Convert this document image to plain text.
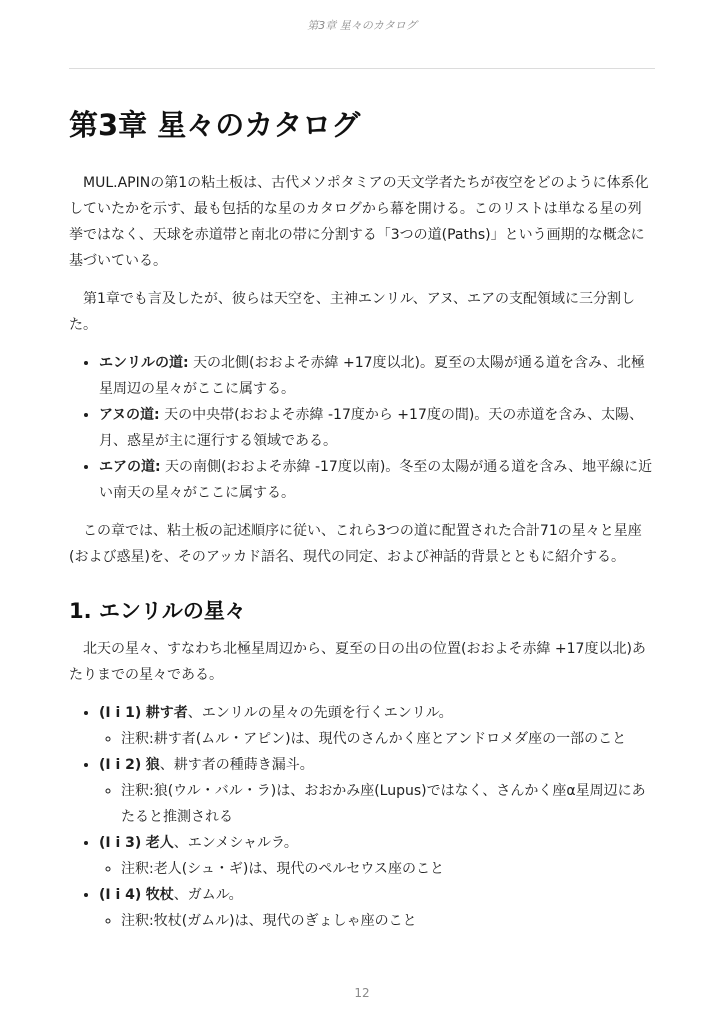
第3章 星々のカタログ
第3章 星々のカタログ

MUL.APINの第1の粘土板は、古代メソポタミアの天文学者たちが夜空をどのように体系化していたかを示す、最も包括的な星のカタログから幕を開ける。このリストは単なる星の列挙ではなく、天球を赤道帯と南北の帯に分割する「3つの道(Paths)」という画期的な概念に基づいている。

第1章でも言及したが、彼らは天空を、主神エンリル、アヌ、エアの支配領域に三分割した。

• エンリルの道: 天の北側(おおよそ赤緯 +17度以北)。夏至の太陽が通る道を含み、北極星周辺の星々がここに属する。
• アヌの道: 天の中央帯(おおよそ赤緯 -17度から +17度の間)。天の赤道を含み、太陽、月、惑星が主に運行する領域である。
• エアの道: 天の南側(おおよそ赤緯 -17度以南)。冬至の太陽が通る道を含み、地平線に近い南天の星々がここに属する。

この章では、粘土板の記述順序に従い、これら3つの道に配置された合計71の星々と星座(および惑星)を、そのアッカド語名、現代の同定、および神話的背景とともに紹介する。

1. エンリルの星々

北天の星々、すなわち北極星周辺から、夏至の日の出の位置(おおよそ赤緯 +17度以北)あたりまでの星々である。

• (I i 1) 耕す者、エンリルの星々の先頭を行くエンリル。
◦ 注釈:耕す者(ムル・アピン)は、現代のさんかく座とアンドロメダ座の一部のこと
• (I i 2) 狼、耕す者の種蒔き漏斗。
◦ 注釈:狼(ウル・バル・ラ)は、おおかみ座(Lupus)ではなく、さんかく座α星周辺にあたると推測される
• (I i 3) 老人、エンメシャルラ。
◦ 注釈:老人(シュ・ギ)は、現代のペルセウス座のこと
• (I i 4) 牧杖、ガムル。
◦ 注釈:牧杖(ガムル)は、現代のぎょしゃ座のこと
12
